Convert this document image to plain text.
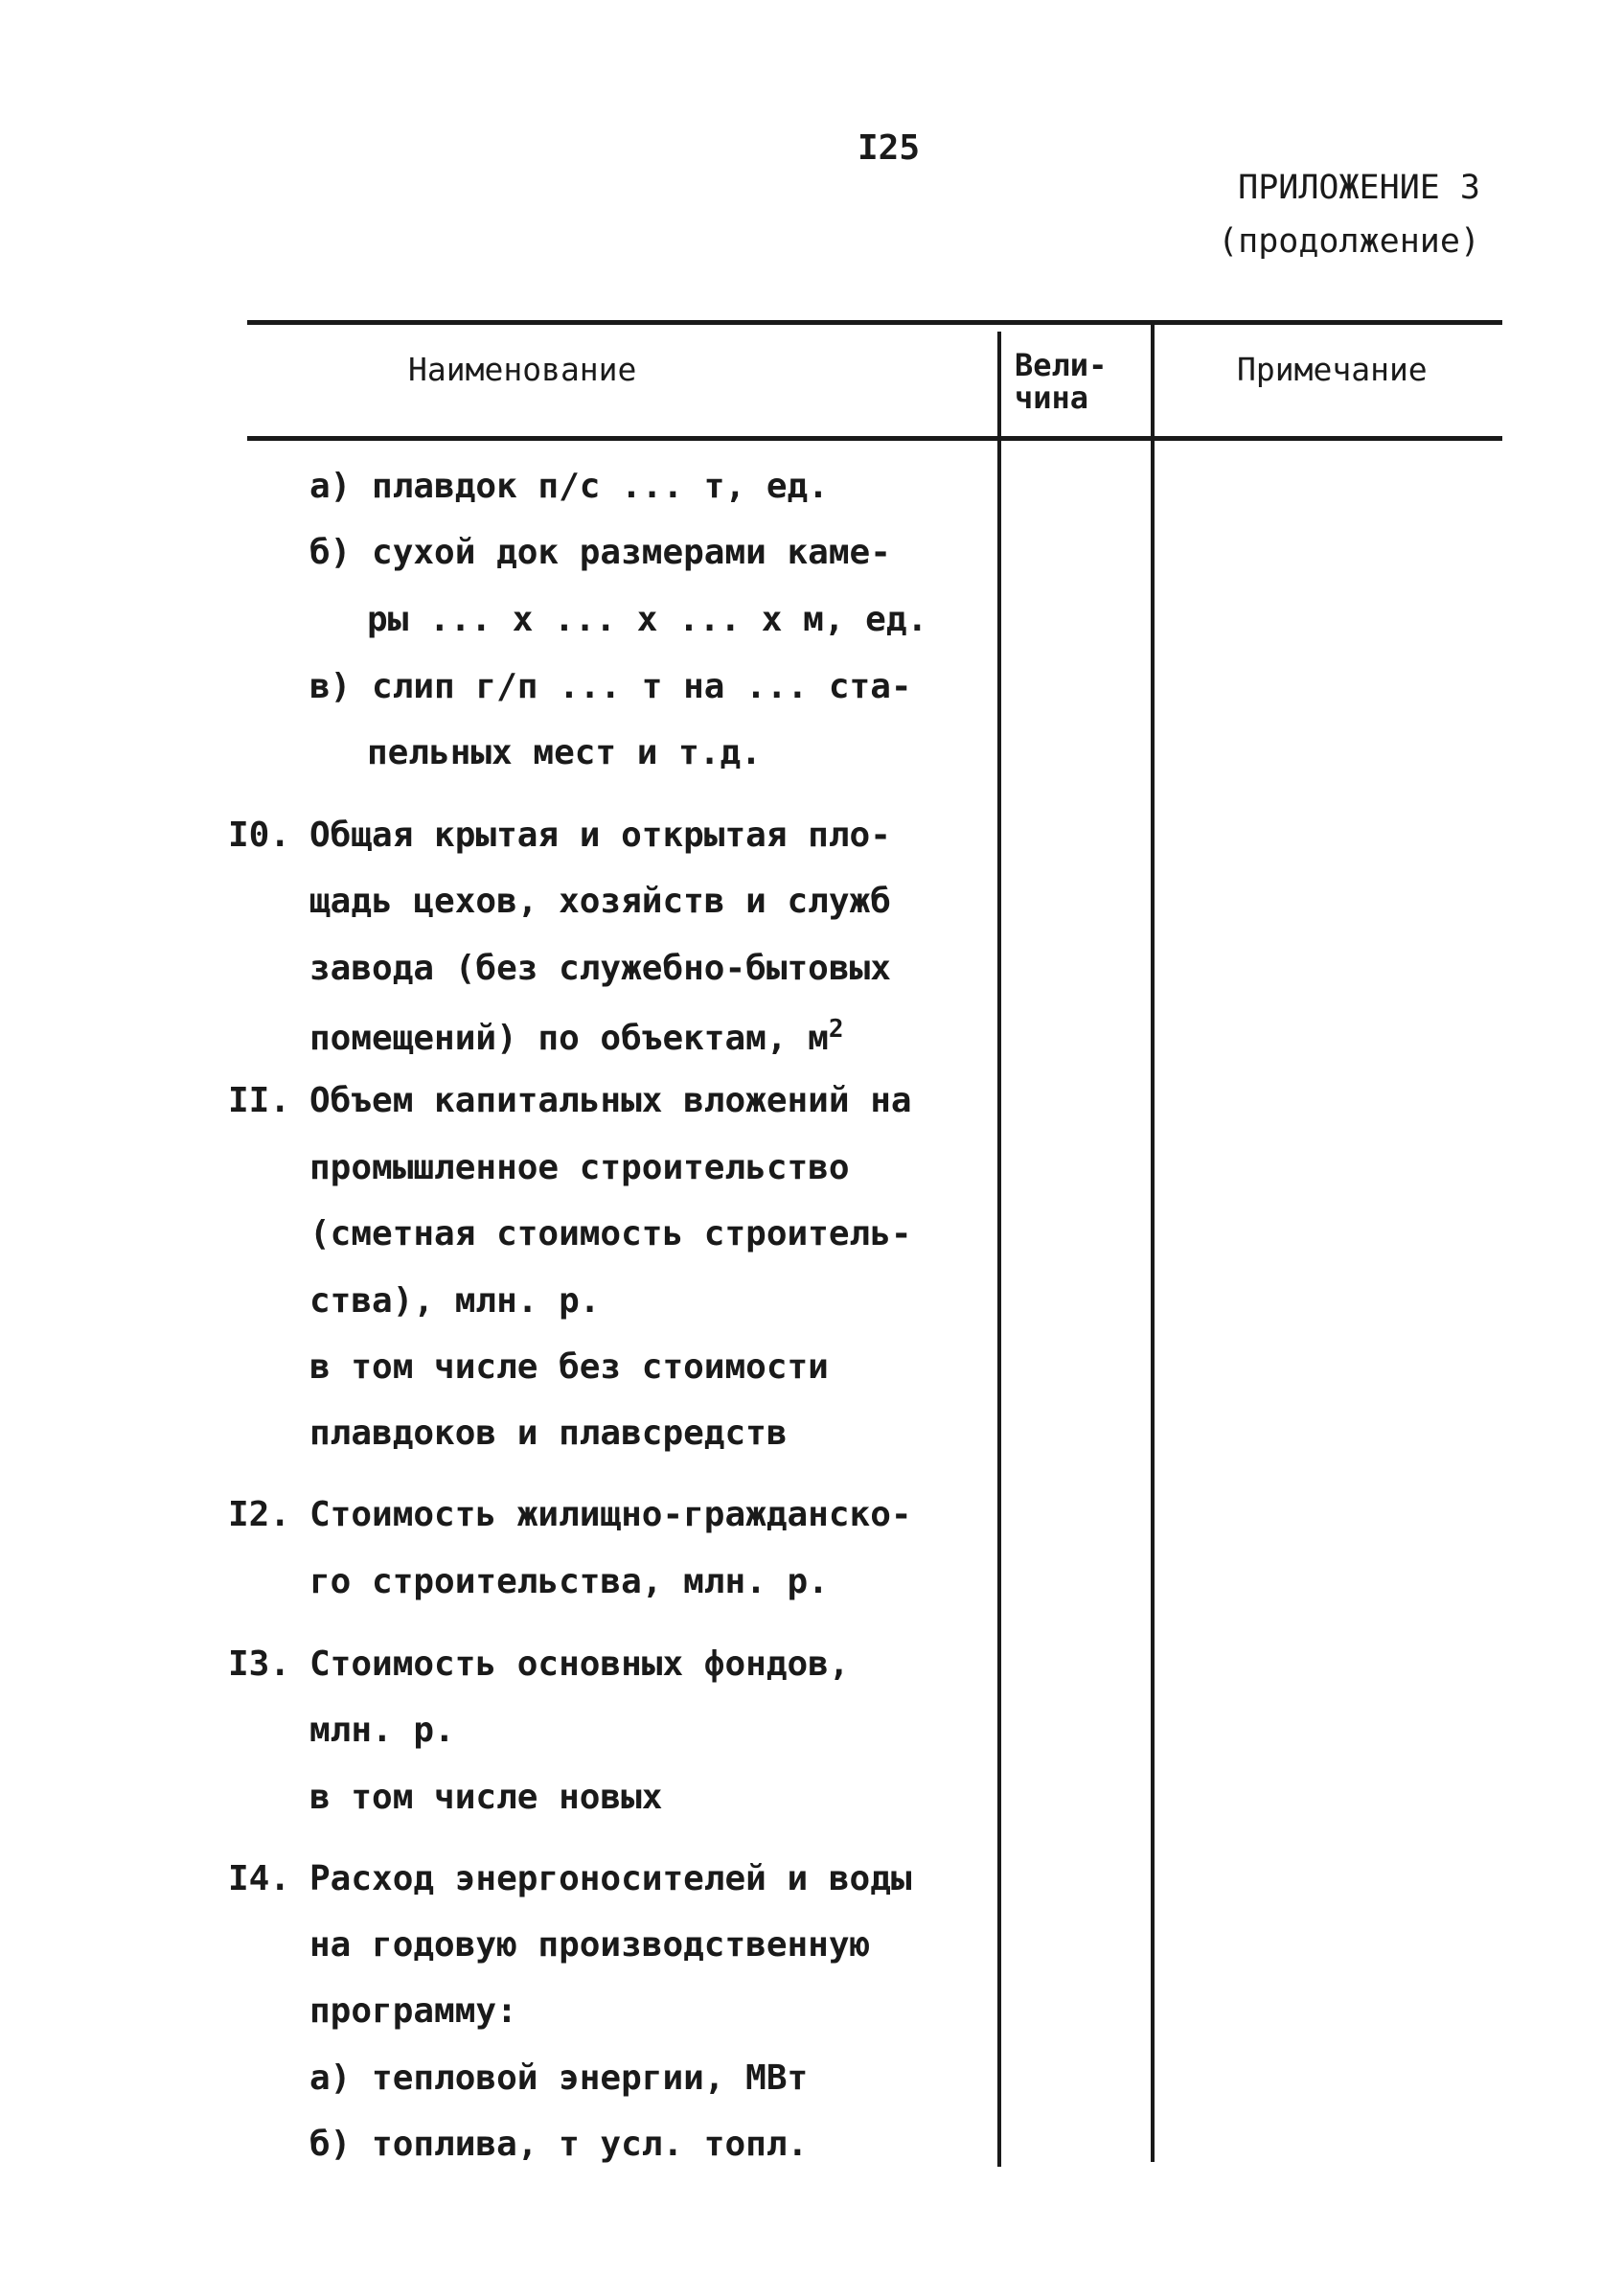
I25
ПРИЛОЖЕНИЕ 3
(продолжение)
Наименование	Вели-
чина
Примечание
а) плавдок п/с ... т, ед.
б) сухой док размерами каме-
ры ... х ... х ... х м, ед.
в) слип г/п ... т на ... ста-
пельных мест и т.д.
I0. Общая крытая и открытая пло-
щадь цехов, хозяйств и служб
завода (без служебно-бытовых
помещений) по объектам, $м^2$
II. Объем капитальных вложений на
промышленное строительство
(сметная стоимость строитель-
ства), млн. р.
в том числе без стоимости
плавдоков и плавсредств
I2. Стоимость жилищно-гражданско-
го строительства, млн. р.
I3. Стоимость основных фондов,
млн. р.
в том числе новых
I4. Расход энергоносителей и воды
на годовую производственную
программу:
а) тепловой энергии, МВт
б) топлива, т усл. топл.
